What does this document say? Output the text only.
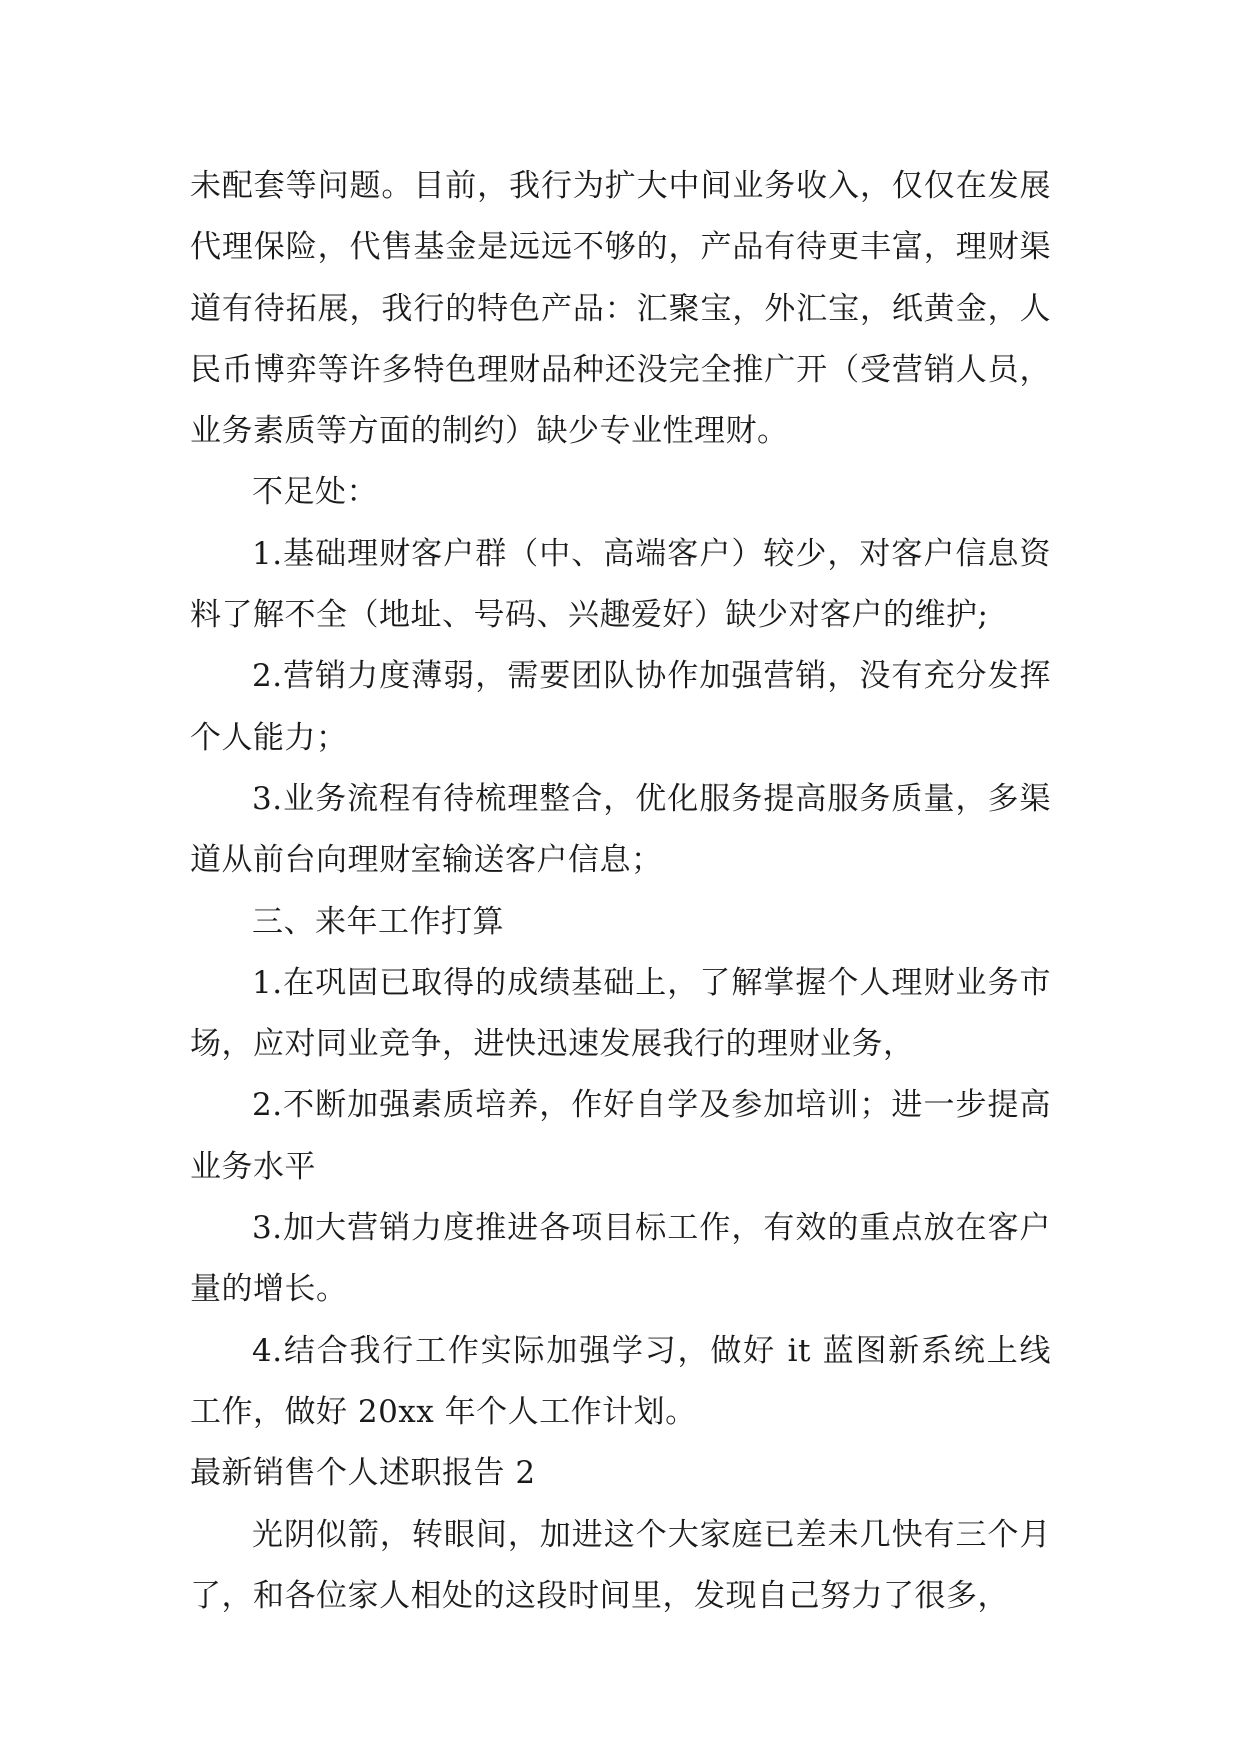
未配套等问题。目前，我行为扩大中间业务收入，仅仅在发展代理保险，代售基金是远远不够的，产品有待更丰富，理财渠道有待拓展，我行的特色产品：汇聚宝，外汇宝，纸黄金，人民币博弈等许多特色理财品种还没完全推广开（受营销人员，业务素质等方面的制约）缺少专业性理财。

不足处：

1.基础理财客户群（中、高端客户）较少，对客户信息资料了解不全（地址、号码、兴趣爱好）缺少对客户的维护;

2.营销力度薄弱，需要团队协作加强营销，没有充分发挥个人能力；

3.业务流程有待梳理整合，优化服务提高服务质量，多渠道从前台向理财室输送客户信息；

三、来年工作打算

1.在巩固已取得的成绩基础上，了解掌握个人理财业务市场，应对同业竞争，进快迅速发展我行的理财业务，

2.不断加强素质培养，作好自学及参加培训；进一步提高业务水平

3.加大营销力度推进各项目标工作，有效的重点放在客户量的增长。

4.结合我行工作实际加强学习，做好 it 蓝图新系统上线工作，做好 20xx 年个人工作计划。

最新销售个人述职报告 2

光阴似箭，转眼间，加进这个大家庭已差未几快有三个月了，和各位家人相处的这段时间里，发现自己努力了很多，
